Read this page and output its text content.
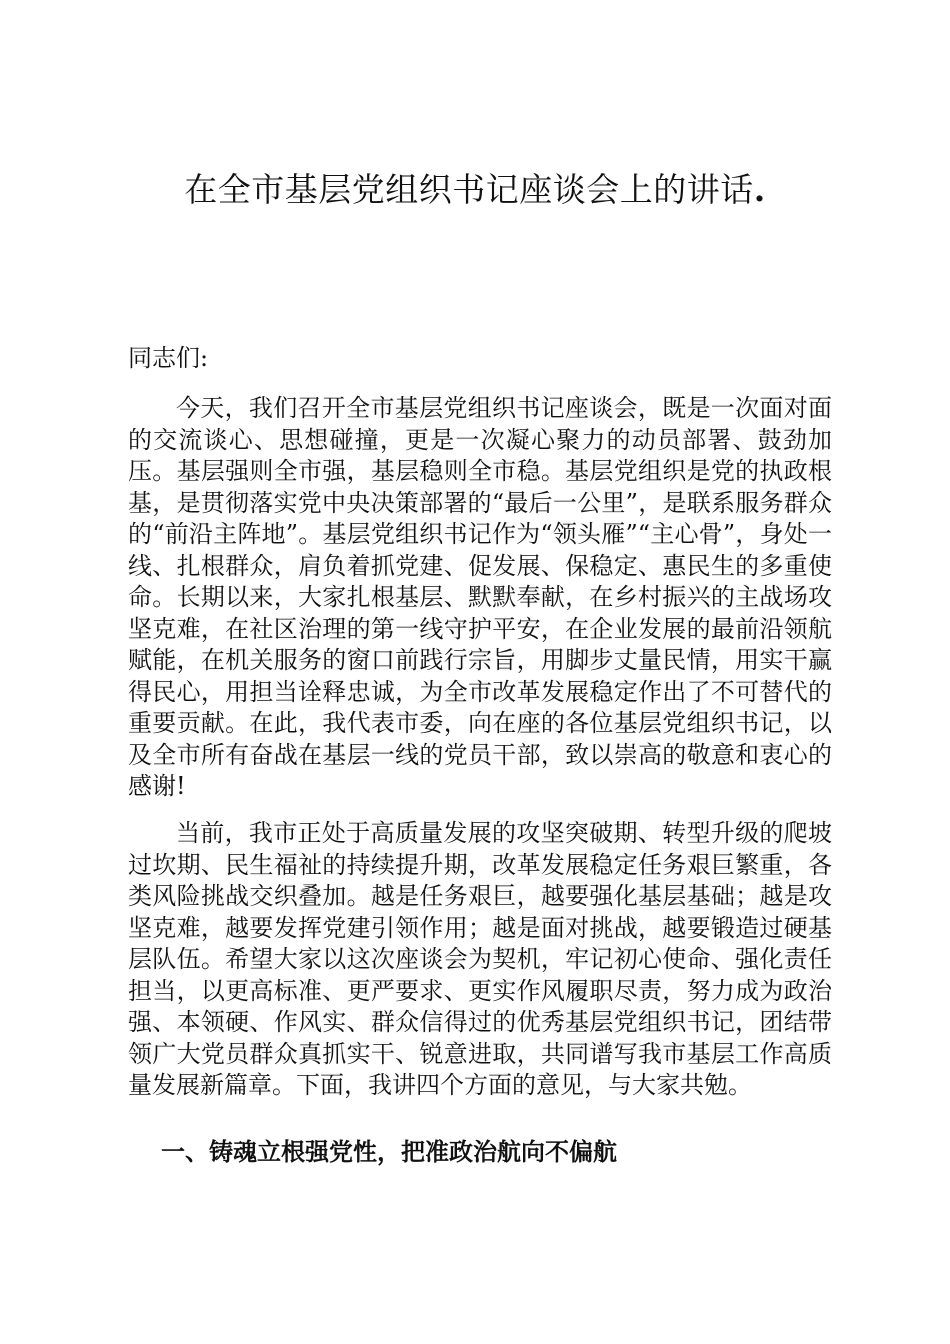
在全市基层党组织书记座谈会上的讲话.
同志们:

今天，我们召开全市基层党组织书记座谈会，既是一次面对面的交流谈心、思想碰撞，更是一次凝心聚力的动员部署、鼓劲加压。基层强则全市强，基层稳则全市稳。基层党组织是党的执政根基，是贯彻落实党中央决策部署的“最后一公里”，是联系服务群众的“前沿主阵地”。基层党组织书记作为“领头雁”“主心骨”，身处一线、扎根群众，肩负着抓党建、促发展、保稳定、惠民生的多重使命。长期以来，大家扎根基层、默默奉献，在乡村振兴的主战场攻坚克难，在社区治理的第一线守护平安，在企业发展的最前沿领航赋能，在机关服务的窗口前践行宗旨，用脚步丈量民情，用实干赢得民心，用担当诠释忠诚，为全市改革发展稳定作出了不可替代的重要贡献。在此，我代表市委，向在座的各位基层党组织书记，以及全市所有奋战在基层一线的党员干部，致以崇高的敬意和衷心的感谢!

当前，我市正处于高质量发展的攻坚突破期、转型升级的爬坡过坎期、民生福祉的持续提升期，改革发展稳定任务艰巨繁重，各类风险挑战交织叠加。越是任务艰巨，越要强化基层基础；越是攻坚克难，越要发挥党建引领作用；越是面对挑战，越要锻造过硬基层队伍。希望大家以这次座谈会为契机，牢记初心使命、强化责任担当，以更高标准、更严要求、更实作风履职尽责，努力成为政治强、本领硬、作风实、群众信得过的优秀基层党组织书记，团结带领广大党员群众真抓实干、锐意进取，共同谱写我市基层工作高质量发展新篇章。下面，我讲四个方面的意见，与大家共勉。

一、铸魂立根强党性，把准政治航向不偏航
